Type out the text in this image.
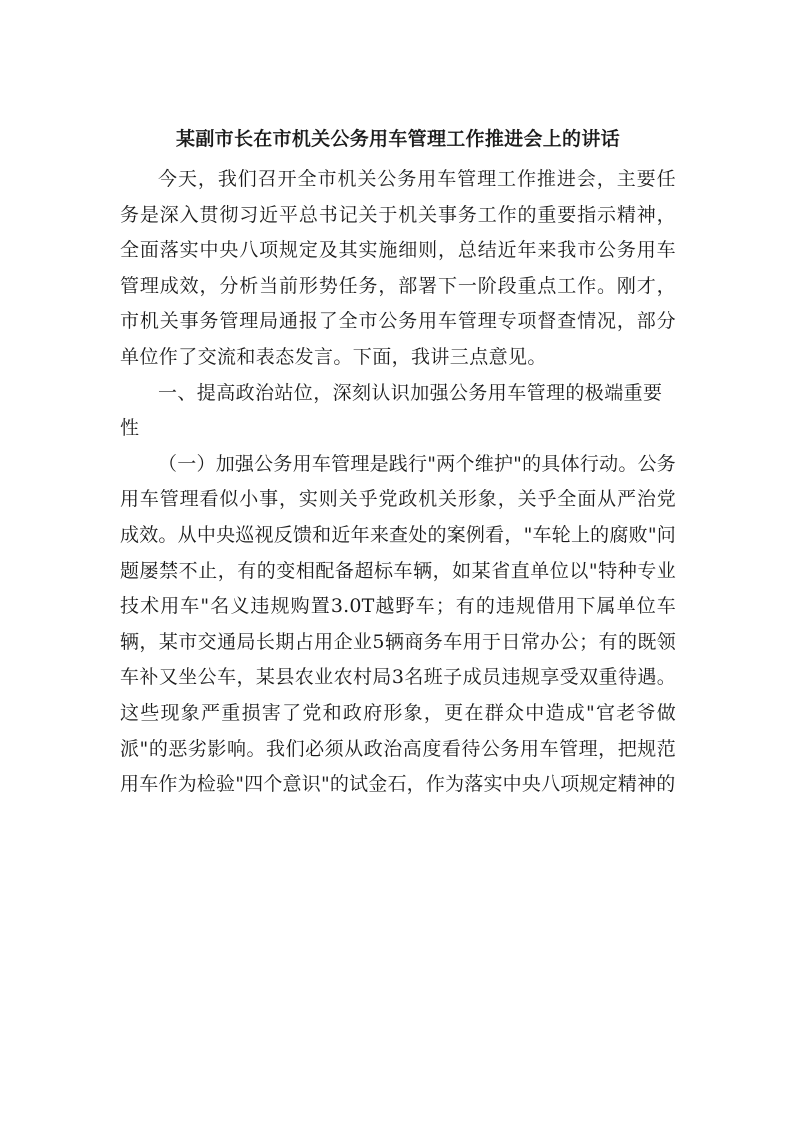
某副市长在市机关公务用车管理工作推进会上的讲话

今天，我们召开全市机关公务用车管理工作推进会，主要任务是深入贯彻习近平总书记关于机关事务工作的重要指示精神，全面落实中央八项规定及其实施细则，总结近年来我市公务用车管理成效，分析当前形势任务，部署下一阶段重点工作。刚才，市机关事务管理局通报了全市公务用车管理专项督查情况，部分单位作了交流和表态发言。下面，我讲三点意见。

一、提高政治站位，深刻认识加强公务用车管理的极端重要性

（一）加强公务用车管理是践行"两个维护"的具体行动。公务用车管理看似小事，实则关乎党政机关形象，关乎全面从严治党成效。从中央巡视反馈和近年来查处的案例看，"车轮上的腐败"问题屡禁不止，有的变相配备超标车辆，如某省直单位以"特种专业技术用车"名义违规购置3.0T越野车；有的违规借用下属单位车辆，某市交通局长期占用企业5辆商务车用于日常办公；有的既领车补又坐公车，某县农业农村局3名班子成员违规享受双重待遇。这些现象严重损害了党和政府形象，更在群众中造成"官老爷做派"的恶劣影响。我们必须从政治高度看待公务用车管理，把规范用车作为检验"四个意识"的试金石，作为落实中央八项规定精神的
